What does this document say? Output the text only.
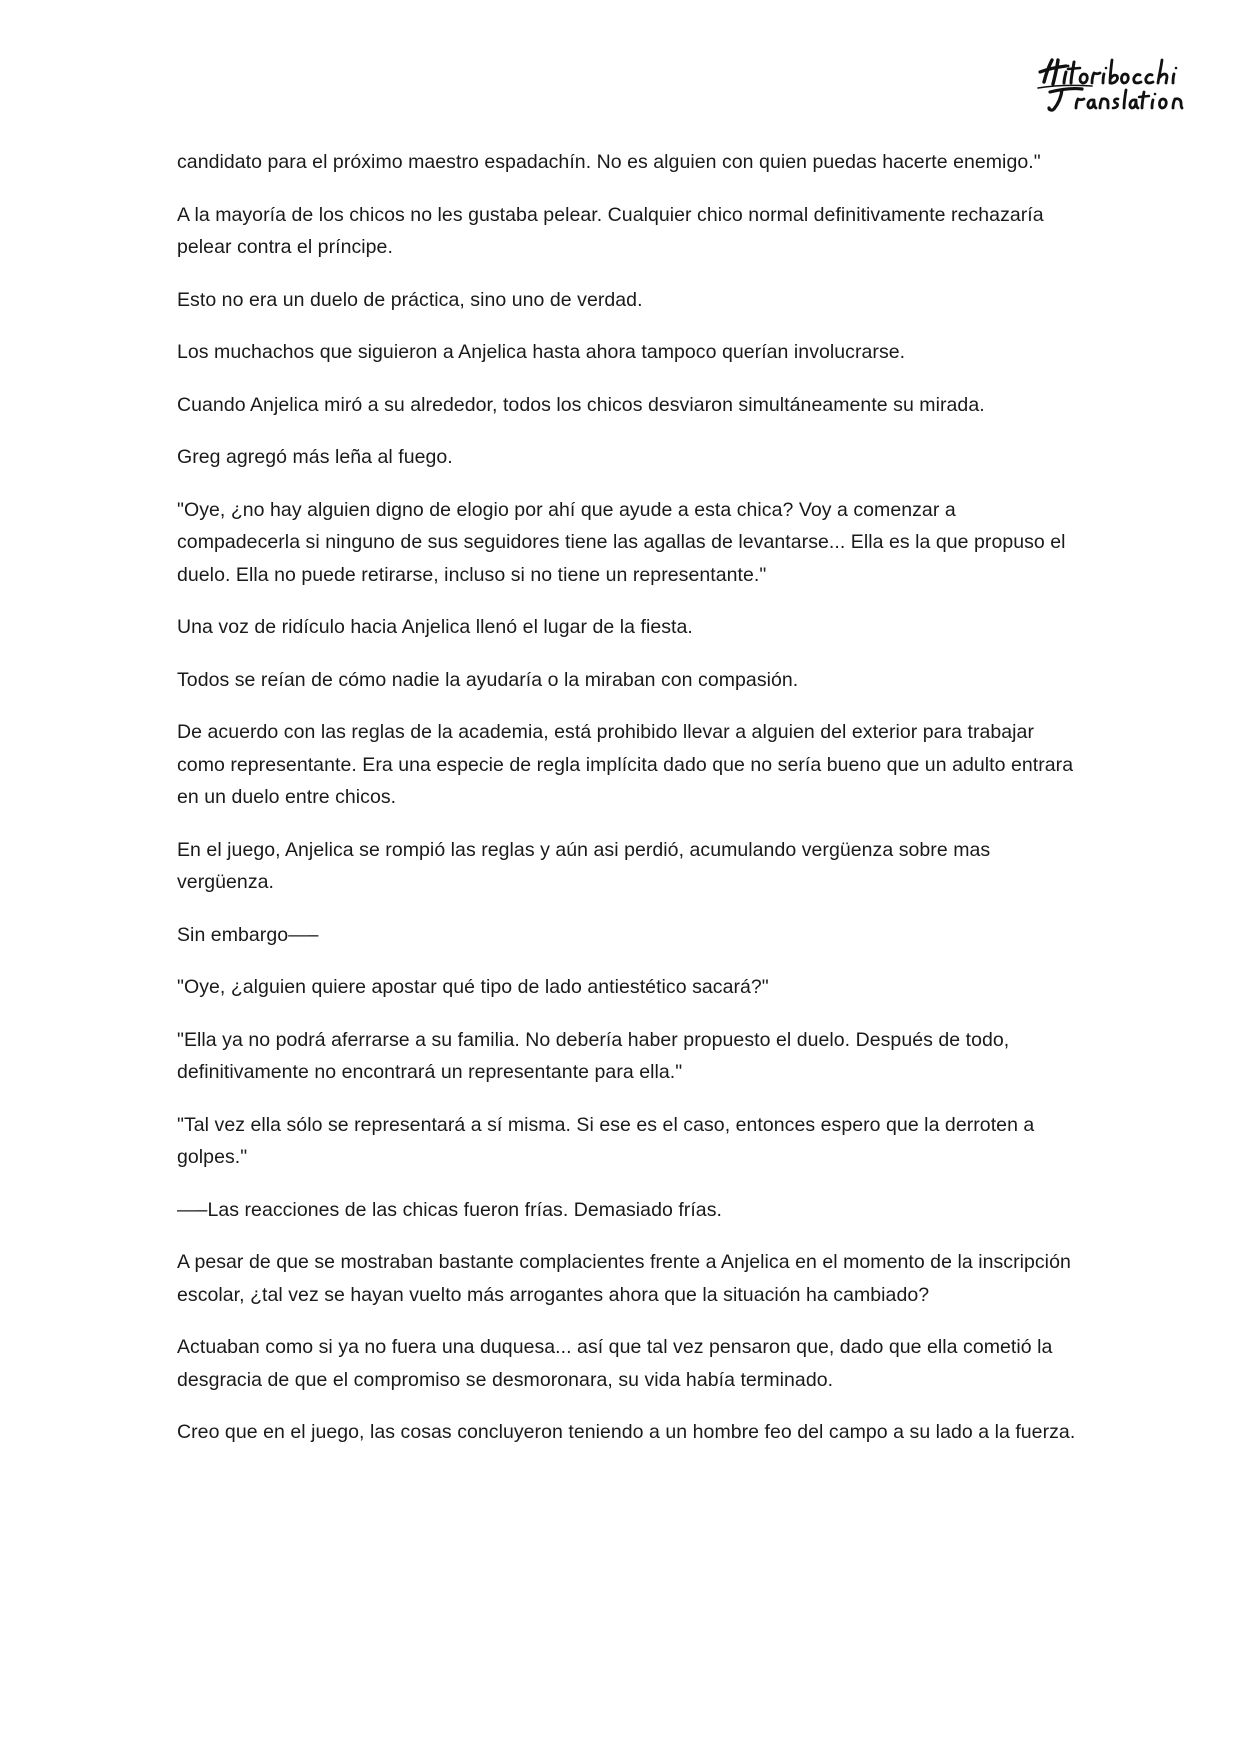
candidato para el próximo maestro espadachín. No es alguien con quien puedas hacerte enemigo."

A la mayoría de los chicos no les gustaba pelear. Cualquier chico normal definitivamente rechazaría pelear contra el príncipe.

Esto no era un duelo de práctica, sino uno de verdad.

Los muchachos que siguieron a Anjelica hasta ahora tampoco querían involucrarse.

Cuando Anjelica miró a su alrededor, todos los chicos desviaron simultáneamente su mirada.

Greg agregó más leña al fuego.

"Oye, ¿no hay alguien digno de elogio por ahí que ayude a esta chica? Voy a comenzar a compadecerla si ninguno de sus seguidores tiene las agallas de levantarse... Ella es la que propuso el duelo. Ella no puede retirarse, incluso si no tiene un representante."

Una voz de ridículo hacia Anjelica llenó el lugar de la fiesta.

Todos se reían de cómo nadie la ayudaría o la miraban con compasión.

De acuerdo con las reglas de la academia, está prohibido llevar a alguien del exterior para trabajar como representante. Era una especie de regla implícita dado que no sería bueno que un adulto entrara en un duelo entre chicos.

En el juego, Anjelica se rompió las reglas y aún asi perdió, acumulando vergüenza sobre mas vergüenza.

Sin embargo—–

"Oye, ¿alguien quiere apostar qué tipo de lado antiestético sacará?"

"Ella ya no podrá aferrarse a su familia. No debería haber propuesto el duelo. Después de todo, definitivamente no encontrará un representante para ella."

"Tal vez ella sólo se representará a sí misma. Si ese es el caso, entonces espero que la derroten a golpes."

—–Las reacciones de las chicas fueron frías. Demasiado frías.

A pesar de que se mostraban bastante complacientes frente a Anjelica en el momento de la inscripción escolar, ¿tal vez se hayan vuelto más arrogantes ahora que la situación ha cambiado?

Actuaban como si ya no fuera una duquesa... así que tal vez pensaron que, dado que ella cometió la desgracia de que el compromiso se desmoronara, su vida había terminado.

Creo que en el juego, las cosas concluyeron teniendo a un hombre feo del campo a su lado a la fuerza.
